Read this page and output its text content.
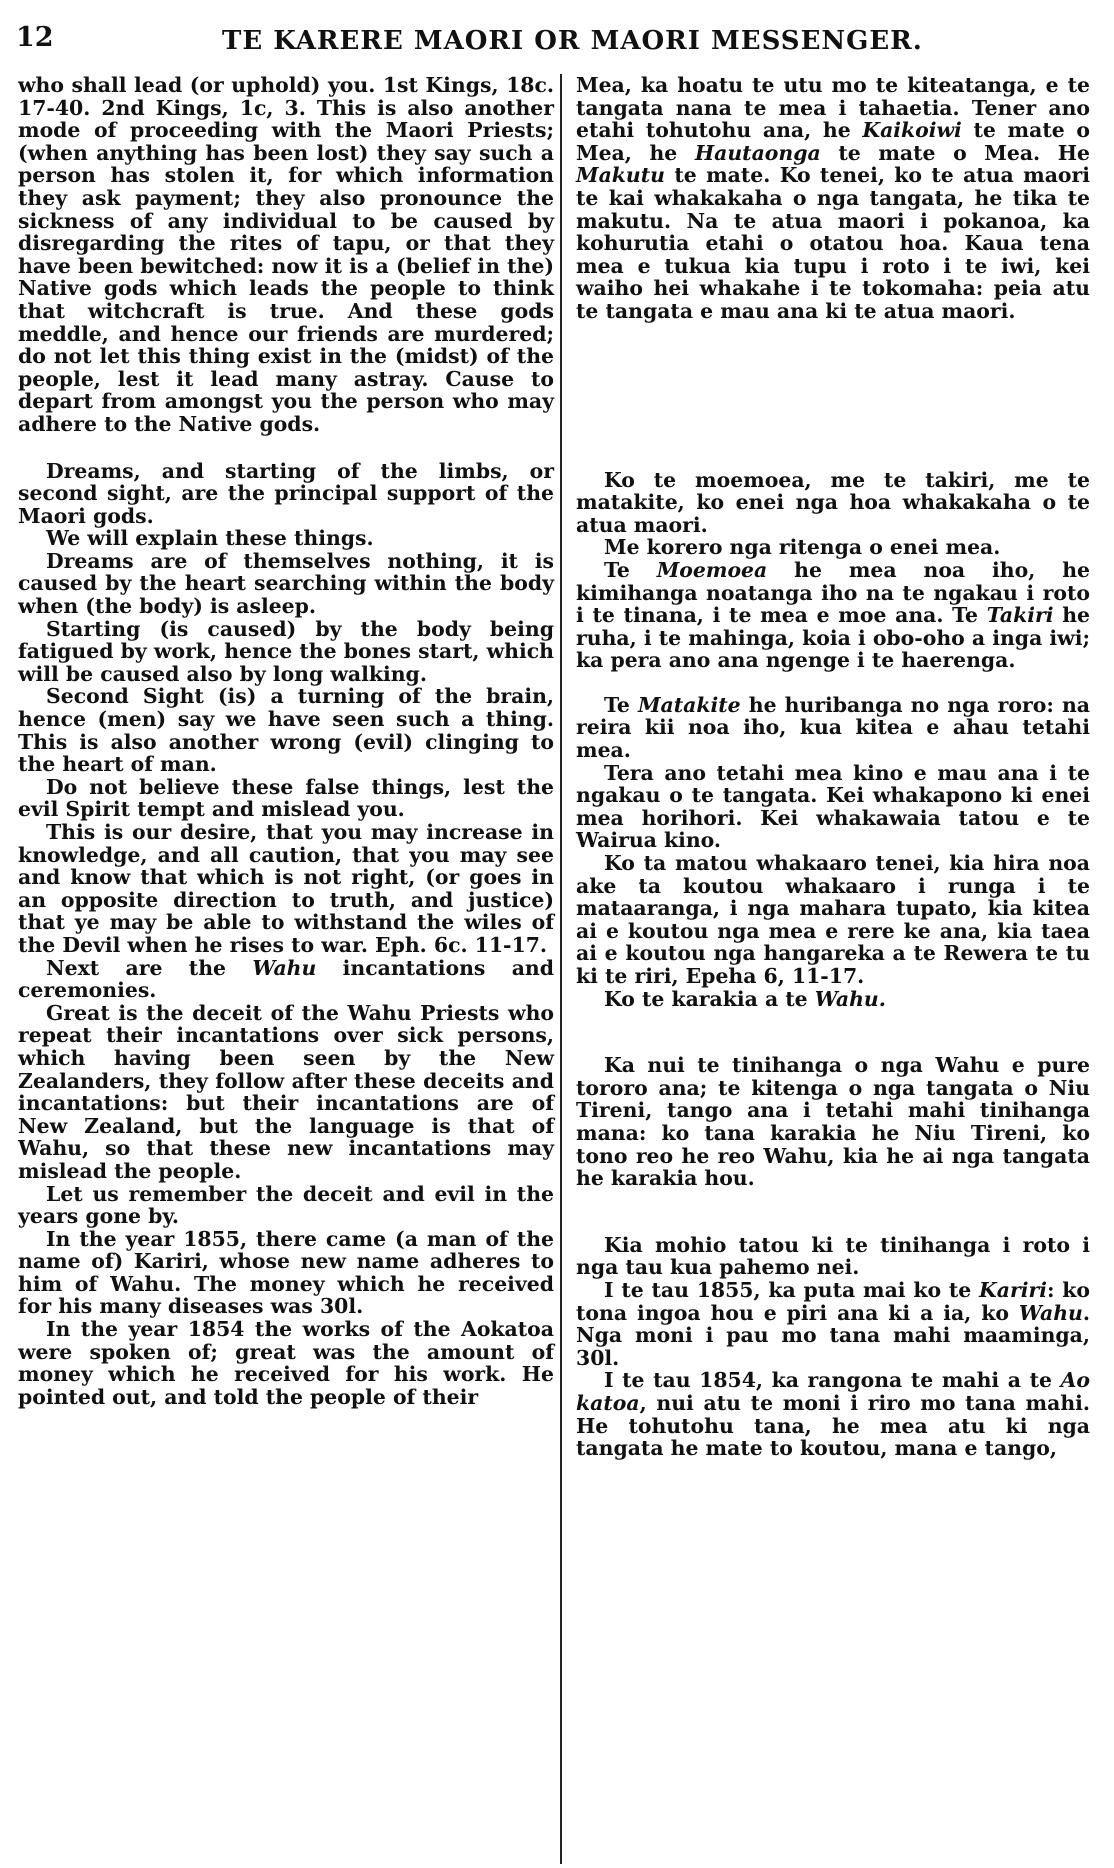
12	TE KARERE MAORI OR MAORI MESSENGER.

who shall lead (or uphold) you. 1st Kings, 18c. 17-40. 2nd Kings, 1c, 3. This is also another mode of proceeding with the Maori Priests; (when anything has been lost) they say such a person has stolen it, for which information they ask payment; they also pronounce the sickness of any individual to be caused by disregarding the rites of tapu, or that they have been bewitched: now it is a (belief in the) Native gods which leads the people to think that witchcraft is true. And these gods meddle, and hence our friends are murdered; do not let this thing exist in the (midst) of the people, lest it lead many astray. Cause to depart from amongst you the person who may adhere to the Native gods.

Dreams, and starting of the limbs, or second sight, are the principal support of the Maori gods.

We will explain these things.

Dreams are of themselves nothing, it is caused by the heart searching within the body when (the body) is asleep.

Starting (is caused) by the body being fatigued by work, hence the bones start, which will be caused also by long walking.

Second Sight (is) a turning of the brain, hence (men) say we have seen such a thing. This is also another wrong (evil) clinging to the heart of man.

Do not believe these false things, lest the evil Spirit tempt and mislead you.

This is our desire, that you may increase in knowledge, and all caution, that you may see and know that which is not right, (or goes in an opposite direction to truth, and justice) that ye may be able to withstand the wiles of the Devil when he rises to war. Eph. 6c. 11-17.

Next are the Wahu incantations and ceremonies.

Great is the deceit of the Wahu Priests who repeat their incantations over sick persons, which having been seen by the New Zealanders, they follow after these deceits and incantations: but their incantations are of New Zealand, but the language is that of Wahu, so that these new incantations may mislead the people.

Let us remember the deceit and evil in the years gone by.

In the year 1855, there came (a man of the name of) Kariri, whose new name adheres to him of Wahu. The money which he received for his many diseases was 30l.

In the year 1854 the works of the Aokatoa were spoken of; great was the amount of money which he received for his work. He pointed out, and told the people of their

Mea, ka hoatu te utu mo te kiteatanga, e te tangata nana te mea i tahaetia. Tener ano etahi tohutohu ana, he Kaikoiwi te mate o Mea, he Hautaonga te mate o Mea. He Makutu te mate. Ko tenei, ko te atua maori te kai whakakaha o nga tangata, he tika te makutu. Na te atua maori i pokanoa, ka kohurutia etahi o otatou hoa. Kaua tena mea e tukua kia tupu i roto i te iwi, kei waiho hei whakahe i te tokomaha: peia atu te tangata e mau ana ki te atua maori.

Ko te moemoea, me te takiri, me te matakite, ko enei nga hoa whakakaha o te atua maori.

Me korero nga ritenga o enei mea.

Te Moemoea he mea noa iho, he kimihanga noatanga iho na te ngakau i roto i te tinana, i te mea e moe ana. Te Takiri he ruha, i te mahinga, koia i obo-oho a inga iwi; ka pera ano ana ngenge i te haerenga.

Te Matakite he huribanga no nga roro: na reira kii noa iho, kua kitea e ahau tetahi mea.

Tera ano tetahi mea kino e mau ana i te ngakau o te tangata. Kei whakapono ki enei mea horihori. Kei whakawaia tatou e te Wairua kino.

Ko ta matou whakaaro tenei, kia hira noa ake ta koutou whakaaro i runga i te mataaranga, i nga mahara tupato, kia kitea ai e koutou nga mea e rere ke ana, kia taea ai e koutou nga hangareka a te Rewera te tu ki te riri, Epeha 6, 11-17.

Ko te karakia a te Wahu.

Ka nui te tinihanga o nga Wahu e pure tororo ana; te kitenga o nga tangata o Niu Tireni, tango ana i tetahi mahi tinihanga mana: ko tana karakia he Niu Tireni, ko tono reo he reo Wahu, kia he ai nga tangata he karakia hou.

Kia mohio tatou ki te tinihanga i roto i nga tau kua pahemo nei.

I te tau 1855, ka puta mai ko te Kariri: ko tona ingoa hou e piri ana ki a ia, ko Wahu. Nga moni i pau mo tana mahi maaminga, 30l.

I te tau 1854, ka rangona te mahi a te Ao katoa, nui atu te moni i riro mo tana mahi. He tohutohu tana, he mea atu ki nga tangata he mate to koutou, mana e tango,
